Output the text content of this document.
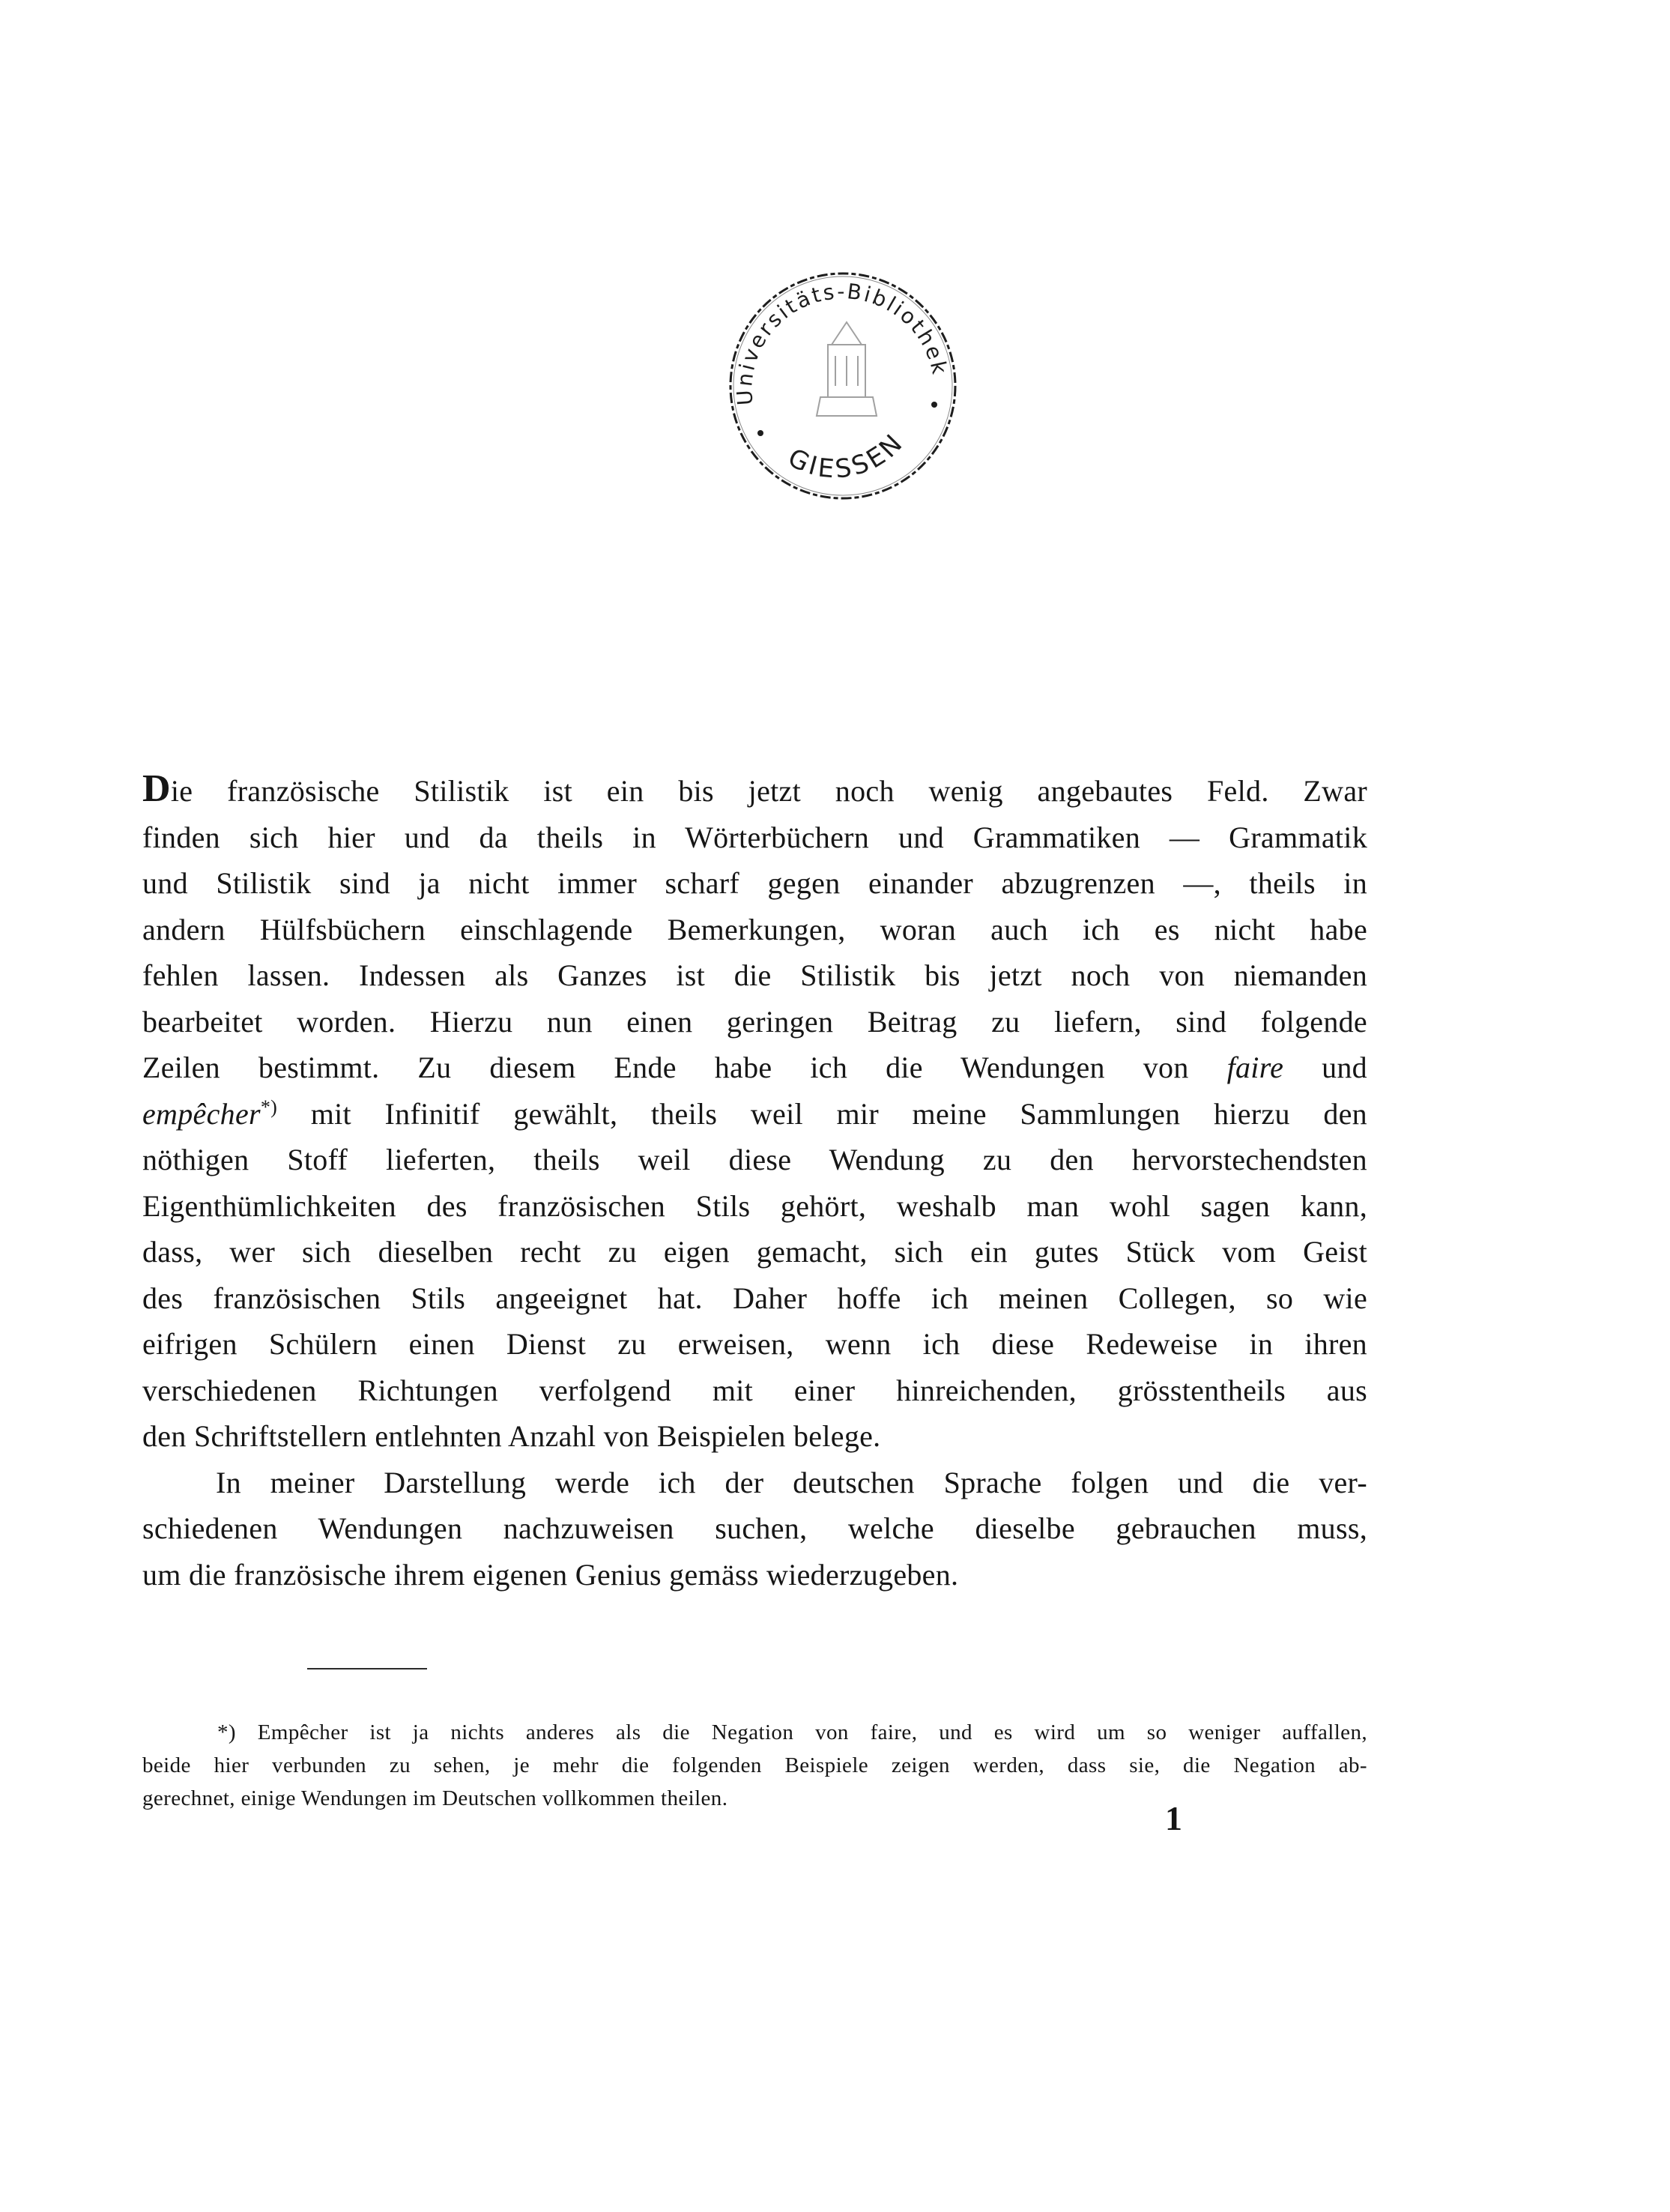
Universitäts-Bibliothek
GIESSEN

Die französische Stilistik ist ein bis jetzt noch wenig angebautes Feld. Zwar

finden sich hier und da theils in Wörterbüchern und Grammatiken — Grammatik

und Stilistik sind ja nicht immer scharf gegen einander abzugrenzen —, theils in

andern Hülfsbüchern einschlagende Bemerkungen, woran auch ich es nicht habe

fehlen lassen. Indessen als Ganzes ist die Stilistik bis jetzt noch von niemanden

bearbeitet worden. Hierzu nun einen geringen Beitrag zu liefern, sind folgende

Zeilen bestimmt. Zu diesem Ende habe ich die Wendungen von faire und

empêcher*) mit Infinitif gewählt, theils weil mir meine Sammlungen hierzu den

nöthigen Stoff lieferten, theils weil diese Wendung zu den hervorstechendsten

Eigenthümlichkeiten des französischen Stils gehört, weshalb man wohl sagen kann,

dass, wer sich dieselben recht zu eigen gemacht, sich ein gutes Stück vom Geist

des französischen Stils angeeignet hat. Daher hoffe ich meinen Collegen, so wie

eifrigen Schülern einen Dienst zu erweisen, wenn ich diese Redeweise in ihren

verschiedenen Richtungen verfolgend mit einer hinreichenden, grösstentheils aus

den Schriftstellern entlehnten Anzahl von Beispielen belege.

In meiner Darstellung werde ich der deutschen Sprache folgen und die ver-

schiedenen Wendungen nachzuweisen suchen, welche dieselbe gebrauchen muss,

um die französische ihrem eigenen Genius gemäss wiederzugeben.

*) Empêcher ist ja nichts anderes als die Negation von faire, und es wird um so weniger auffallen,

beide hier verbunden zu sehen, je mehr die folgenden Beispiele zeigen werden, dass sie, die Negation ab-

gerechnet, einige Wendungen im Deutschen vollkommen theilen.

1
